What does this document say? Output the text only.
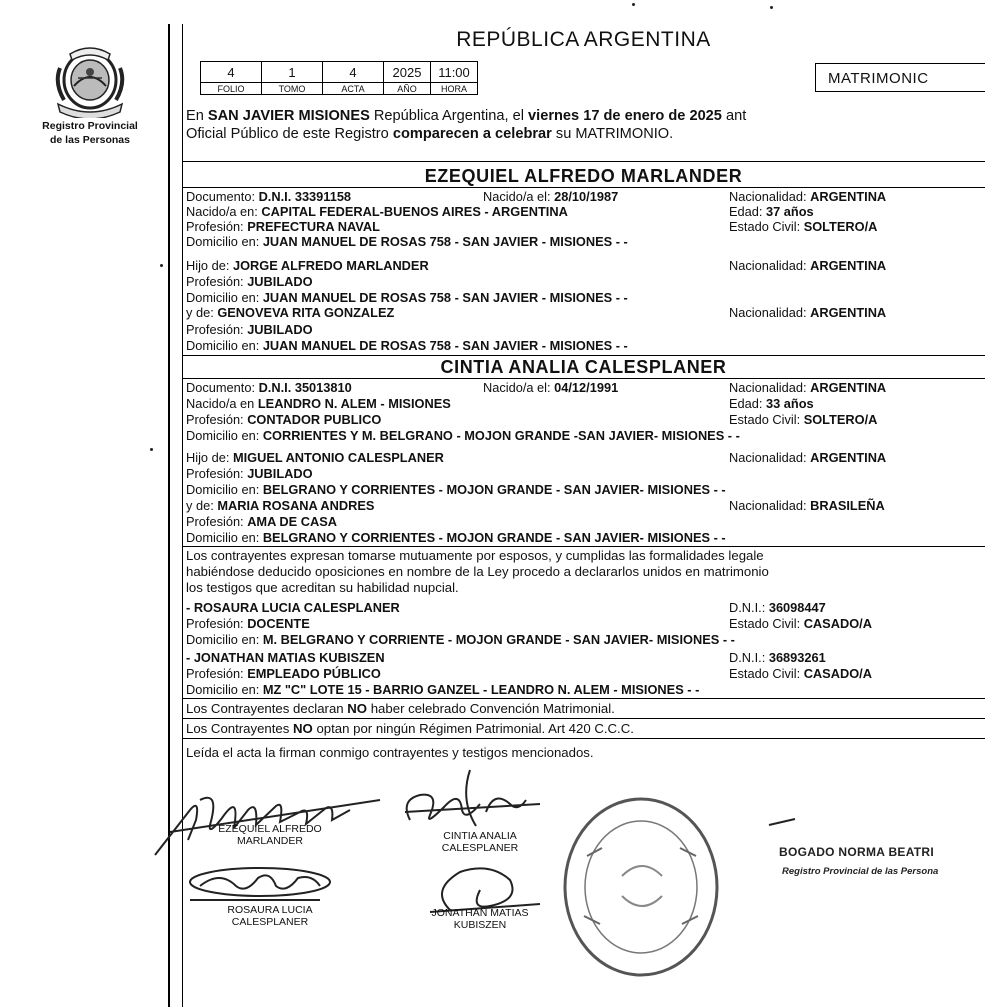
Registro Provincial
de las Personas
REPÚBLICA ARGENTINA
4	1	4	2025	11:00
FOLIO	TOMO	ACTA	AÑO	HORA
MATRIMONIC
En SAN JAVIER MISIONES República Argentina, el viernes 17 de enero de 2025 ant
Oficial Público de este Registro comparecen a celebrar su MATRIMONIO.
EZEQUIEL ALFREDO MARLANDER
Documento: D.N.I. 33391158	Nacido/a el: 28/10/1987	Nacionalidad: ARGENTINA
Nacido/a en: CAPITAL FEDERAL-BUENOS AIRES - ARGENTINA	Edad: 37 años
Profesión: PREFECTURA NAVAL	Estado Civil: SOLTERO/A
Domicilio en: JUAN MANUEL DE ROSAS 758 - SAN JAVIER - MISIONES - -
Hijo de: JORGE ALFREDO MARLANDER	Nacionalidad: ARGENTINA
Profesión: JUBILADO
Domicilio en: JUAN MANUEL DE ROSAS 758 - SAN JAVIER - MISIONES - -
y de: GENOVEVA RITA GONZALEZ	Nacionalidad: ARGENTINA
Profesión: JUBILADO
Domicilio en: JUAN MANUEL DE ROSAS 758 - SAN JAVIER - MISIONES - -
CINTIA ANALIA CALESPLANER
Documento: D.N.I. 35013810	Nacido/a el: 04/12/1991	Nacionalidad: ARGENTINA
Nacido/a en LEANDRO N. ALEM - MISIONES	Edad: 33 años
Profesión: CONTADOR PUBLICO	Estado Civil: SOLTERO/A
Domicilio en: CORRIENTES Y M. BELGRANO - MOJON GRANDE -SAN JAVIER- MISIONES - -
Hijo de: MIGUEL ANTONIO CALESPLANER	Nacionalidad: ARGENTINA
Profesión: JUBILADO
Domicilio en: BELGRANO Y CORRIENTES - MOJON GRANDE - SAN JAVIER- MISIONES - -
y de: MARIA ROSANA ANDRES	Nacionalidad: BRASILEÑA
Profesión: AMA DE CASA
Domicilio en: BELGRANO Y CORRIENTES - MOJON GRANDE - SAN JAVIER- MISIONES - -
Los contrayentes expresan tomarse mutuamente por esposos, y cumplidas las formalidades legale
habiéndose deducido oposiciones en nombre de la Ley procedo a declararlos unidos en matrimonio
los testigos que acreditan su habilidad nupcial.
- ROSAURA LUCIA CALESPLANER	D.N.I.: 36098447
Profesión: DOCENTE	Estado Civil: CASADO/A
Domicilio en: M. BELGRANO Y CORRIENTE - MOJON GRANDE - SAN JAVIER- MISIONES - -
- JONATHAN MATIAS KUBISZEN	D.N.I.: 36893261
Profesión: EMPLEADO PÚBLICO	Estado Civil: CASADO/A
Domicilio en: MZ "C" LOTE 15 - BARRIO GANZEL - LEANDRO N. ALEM - MISIONES - -
Los Contrayentes declaran NO haber celebrado Convención Matrimonial.
Los Contrayentes NO optan por ningún Régimen Patrimonial. Art 420 C.C.C.
Leída el acta la firman conmigo contrayentes y testigos mencionados.
EZEQUIEL ALFREDO
MARLANDER	CINTIA ANALIA
CALESPLANER
ROSAURA LUCIA
CALESPLANER
JONATHAN MATIAS
KUBISZEN
BOGADO NORMA BEATRI
Registro Provincial de las Persona
